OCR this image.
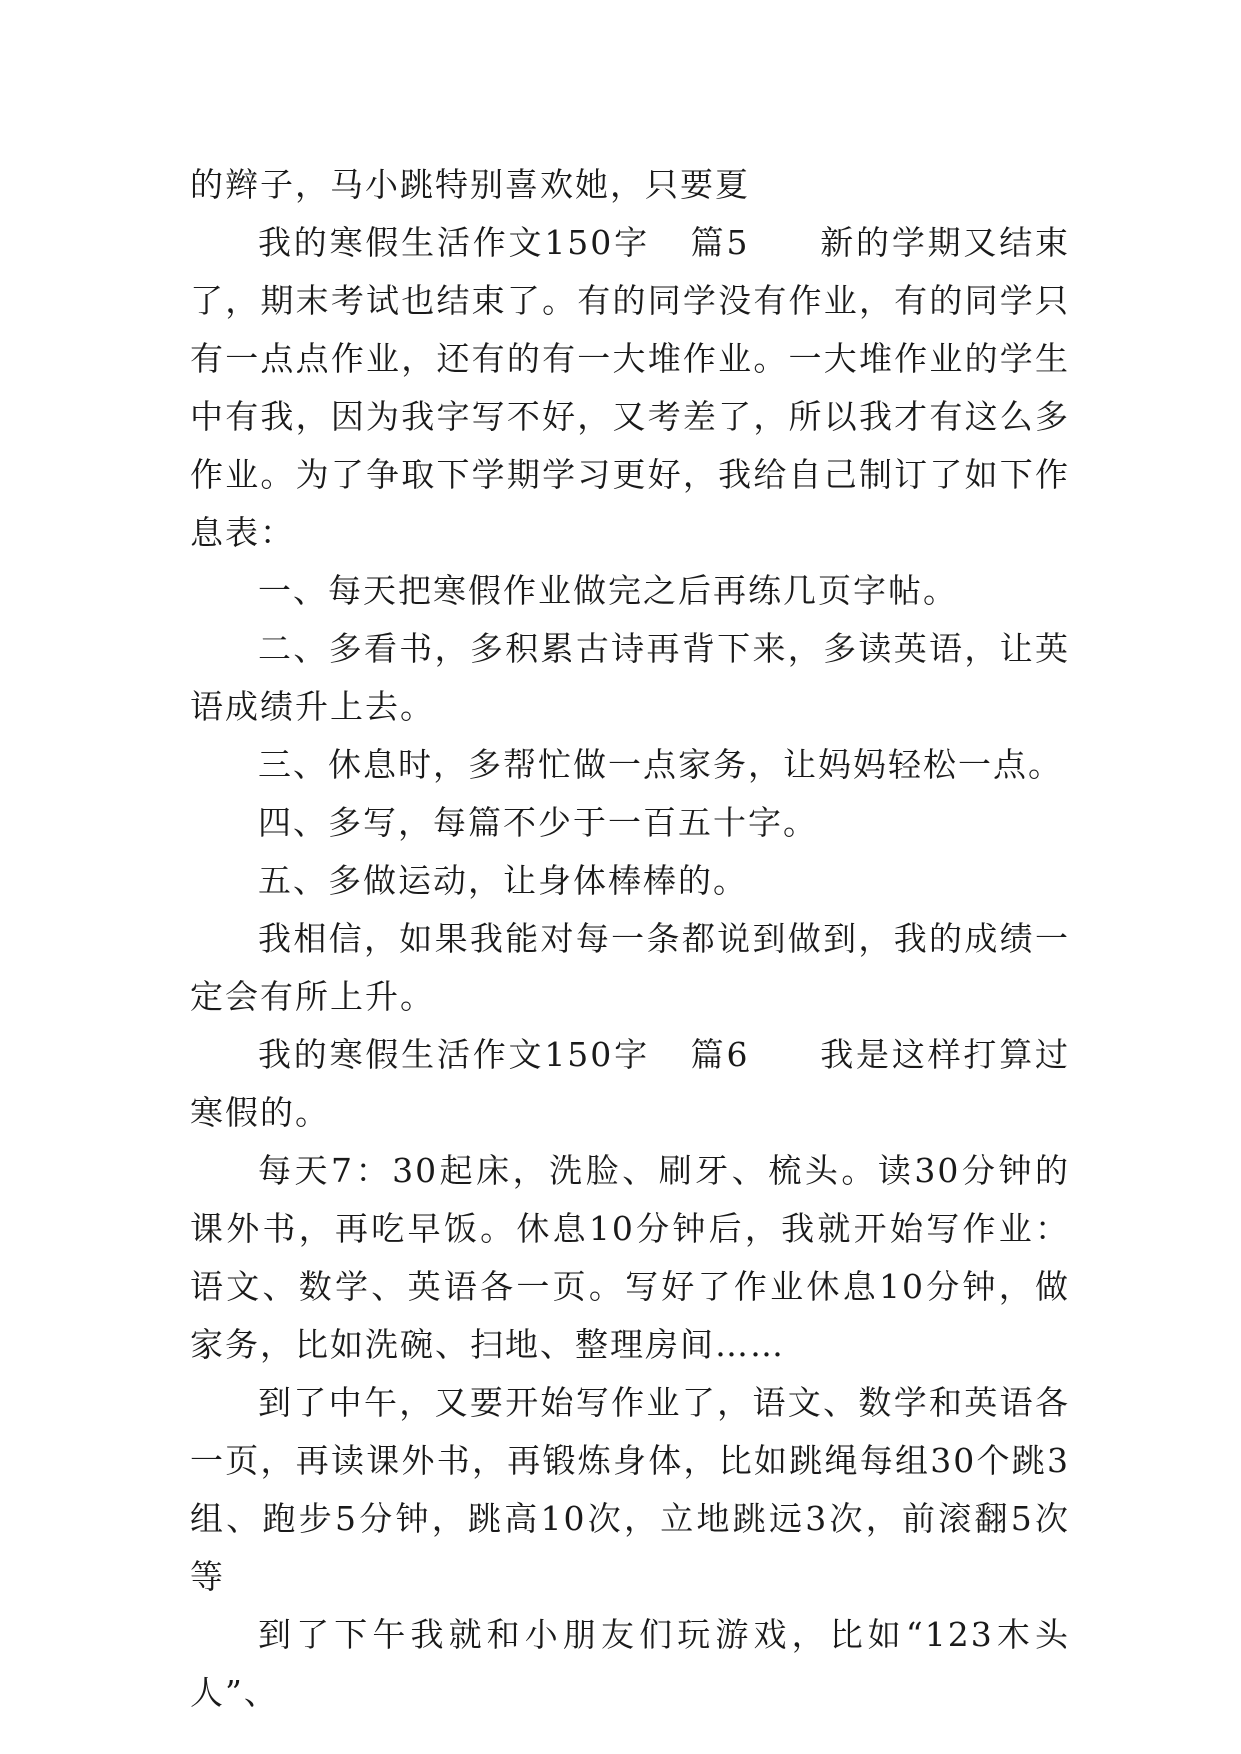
的辫子，马小跳特别喜欢她，只要夏

我的寒假生活作文150字 篇5 新的学期又结束了，期末考试也结束了。有的同学没有作业，有的同学只有一点点作业，还有的有一大堆作业。一大堆作业的学生中有我，因为我字写不好，又考差了，所以我才有这么多作业。为了争取下学期学习更好，我给自己制订了如下作息表：

一、每天把寒假作业做完之后再练几页字帖。

二、多看书，多积累古诗再背下来，多读英语，让英语成绩升上去。

三、休息时，多帮忙做一点家务，让妈妈轻松一点。

四、多写，每篇不少于一百五十字。

五、多做运动，让身体棒棒的。

我相信，如果我能对每一条都说到做到，我的成绩一定会有所上升。

我的寒假生活作文150字 篇6 我是这样打算过寒假的。

每天7：30起床，洗脸、刷牙、梳头。读30分钟的课外书，再吃早饭。休息10分钟后，我就开始写作业：语文、数学、英语各一页。写好了作业休息10分钟，做家务，比如洗碗、扫地、整理房间……

到了中午，又要开始写作业了，语文、数学和英语各一页，再读课外书，再锻炼身体，比如跳绳每组30个跳3组、跑步5分钟，跳高10次，立地跳远3次，前滚翻5次等

到了下午我就和小朋友们玩游戏，比如“123木头人”、
